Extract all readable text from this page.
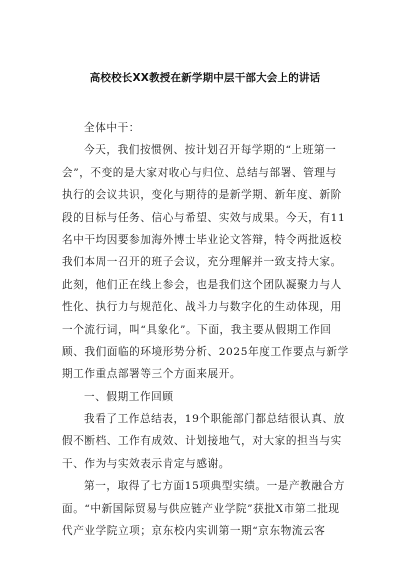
高校校长XX教授在新学期中层干部大会上的讲话
全体中干：
今天，我们按惯例、按计划召开每学期的“上班第一
会”，不变的是大家对收心与归位、总结与部署、管理与
执行的会议共识，变化与期待的是新学期、新年度、新阶
段的目标与任务、信心与希望、实效与成果。今天，有11
名中干均因要参加海外博士毕业论文答辩，特令两批返校
我们本周一召开的班子会议，充分理解并一致支持大家。
此刻，他们正在线上参会，也是我们这个团队凝聚力与人
性化、执行力与规范化、战斗力与数字化的生动体现，用
一个流行词，叫“具象化”。下面，我主要从假期工作回
顾、我们面临的环境形势分析、2025年度工作要点与新学
期工作重点部署等三个方面来展开。
一、假期工作回顾
我看了工作总结表，19个职能部门都总结很认真、放
假不断档、工作有成效、计划接地气，对大家的担当与实
干、作为与实效表示肯定与感谢。
第一，取得了七方面15项典型实绩。一是产教融合方
面。“中新国际贸易与供应链产业学院”获批X市第二批现
代产业学院立项；京东校内实训第一期“京东物流云客
